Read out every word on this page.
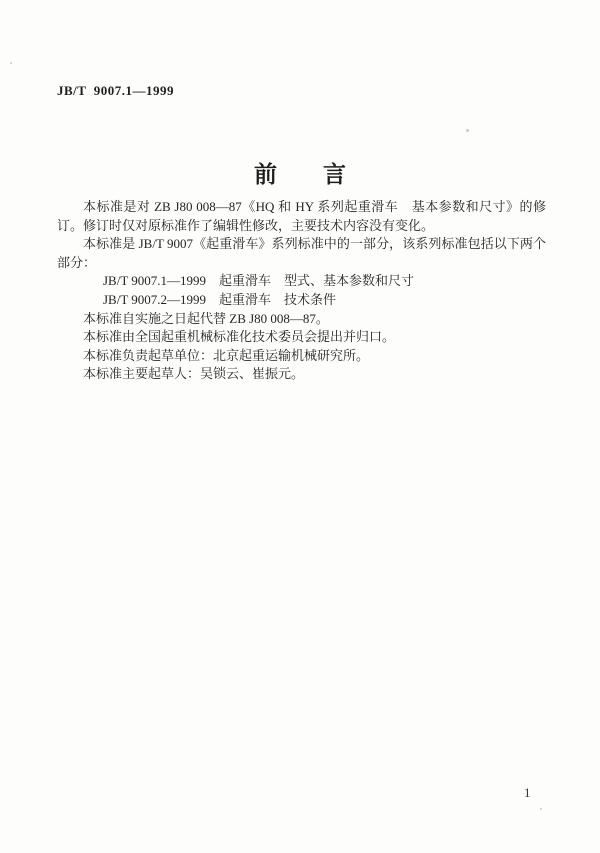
JB/T  9007.1—1999
前　　言

本标准是对 ZB J80 008—87《HQ 和 HY 系列起重滑车　基本参数和尺寸》的修订。修订时仅对原标准作了编辑性修改，主要技术内容没有变化。

本标准是 JB/T 9007《起重滑车》系列标准中的一部分，该系列标准包括以下两个部分：

JB/T 9007.1—1999　起重滑车　型式、基本参数和尺寸

JB/T 9007.2—1999　起重滑车　技术条件

本标准自实施之日起代替 ZB J80 008—87。

本标准由全国起重机械标准化技术委员会提出并归口。

本标准负责起草单位：北京起重运输机械研究所。

本标准主要起草人：吴锁云、崔振元。

1
